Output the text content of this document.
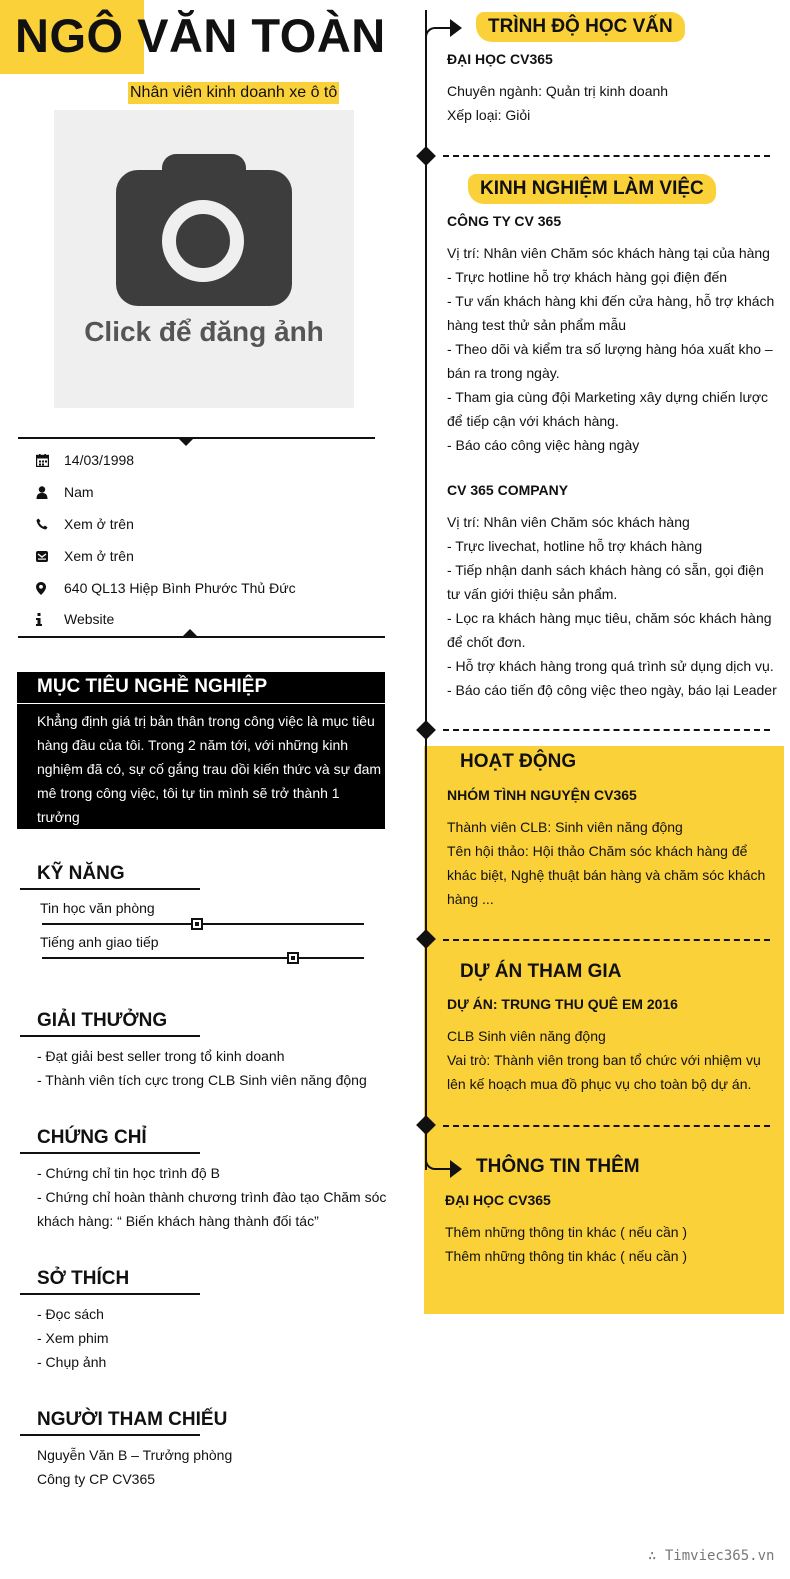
NGÔ VĂN TOÀN
Nhân viên kinh doanh xe ô tô
Click để đăng ảnh
14/03/1998
Nam
Xem ở trên
Xem ở trên
640 QL13 Hiệp Bình Phước Thủ Đức
Website
MỤC TIÊU NGHỀ NGHIỆP
Khẳng định giá trị bản thân trong công việc là mục tiêu
hàng đầu của tôi. Trong 2 năm tới, với những kinh
nghiệm đã có, sự cố gắng trau dồi kiến thức và sự đam
mê trong công việc, tôi tự tin mình sẽ trở thành 1 trưởng
phòng CSKH trong tương lai.
KỸ NĂNG
Tin học văn phòng
Tiếng anh giao tiếp
GIẢI THƯỞNG
- Đạt giải best seller trong tổ kinh doanh
- Thành viên tích cực trong CLB Sinh viên năng động
CHỨNG CHỈ
- Chứng chỉ tin học trình độ B
- Chứng chỉ hoàn thành chương trình đào tạo Chăm sóc
khách hàng: “ Biến khách hàng thành đối tác”
SỞ THÍCH
- Đọc sách
- Xem phim
- Chụp ảnh
NGƯỜI THAM CHIẾU
Nguyễn Văn B – Trưởng phòng
Công ty CP CV365
TRÌNH ĐỘ HỌC VẤN
ĐẠI HỌC CV365
Chuyên ngành: Quản trị kinh doanh
Xếp loại: Giỏi
KINH NGHIỆM LÀM VIỆC
CÔNG TY CV 365
Vị trí: Nhân viên Chăm sóc khách hàng tại của hàng
- Trực hotline hỗ trợ khách hàng gọi điện đến
- Tư vấn khách hàng khi đến cửa hàng, hỗ trợ khách
hàng test thử sản phẩm mẫu
- Theo dõi và kiểm tra số lượng hàng hóa xuất kho –
bán ra trong ngày.
- Tham gia cùng đội Marketing xây dựng chiến lược
để tiếp cận với khách hàng.
- Báo cáo công việc hàng ngày
CV 365 COMPANY
Vị trí: Nhân viên Chăm sóc khách hàng
- Trực livechat, hotline hỗ trợ khách hàng
- Tiếp nhận danh sách khách hàng có sẵn, gọi điện
tư vấn giới thiệu sản phẩm.
- Lọc ra khách hàng mục tiêu, chăm sóc khách hàng
để chốt đơn.
- Hỗ trợ khách hàng trong quá trình sử dụng dịch vụ.
- Báo cáo tiến độ công việc theo ngày, báo lại Leader
HOẠT ĐỘNG
NHÓM TÌNH NGUYỆN CV365
Thành viên CLB: Sinh viên năng động
Tên hội thảo: Hội thảo Chăm sóc khách hàng để
khác biệt, Nghệ thuật bán hàng và chăm sóc khách
hàng ...
DỰ ÁN THAM GIA
DỰ ÁN: TRUNG THU QUÊ EM 2016
CLB Sinh viên năng động
Vai trò: Thành viên trong ban tổ chức với nhiệm vụ
lên kế hoạch mua đồ phục vụ cho toàn bộ dự án.
THÔNG TIN THÊM
ĐẠI HỌC CV365
Thêm những thông tin khác ( nếu cần )
Thêm những thông tin khác ( nếu cần )
∴ Timviec365.vn
